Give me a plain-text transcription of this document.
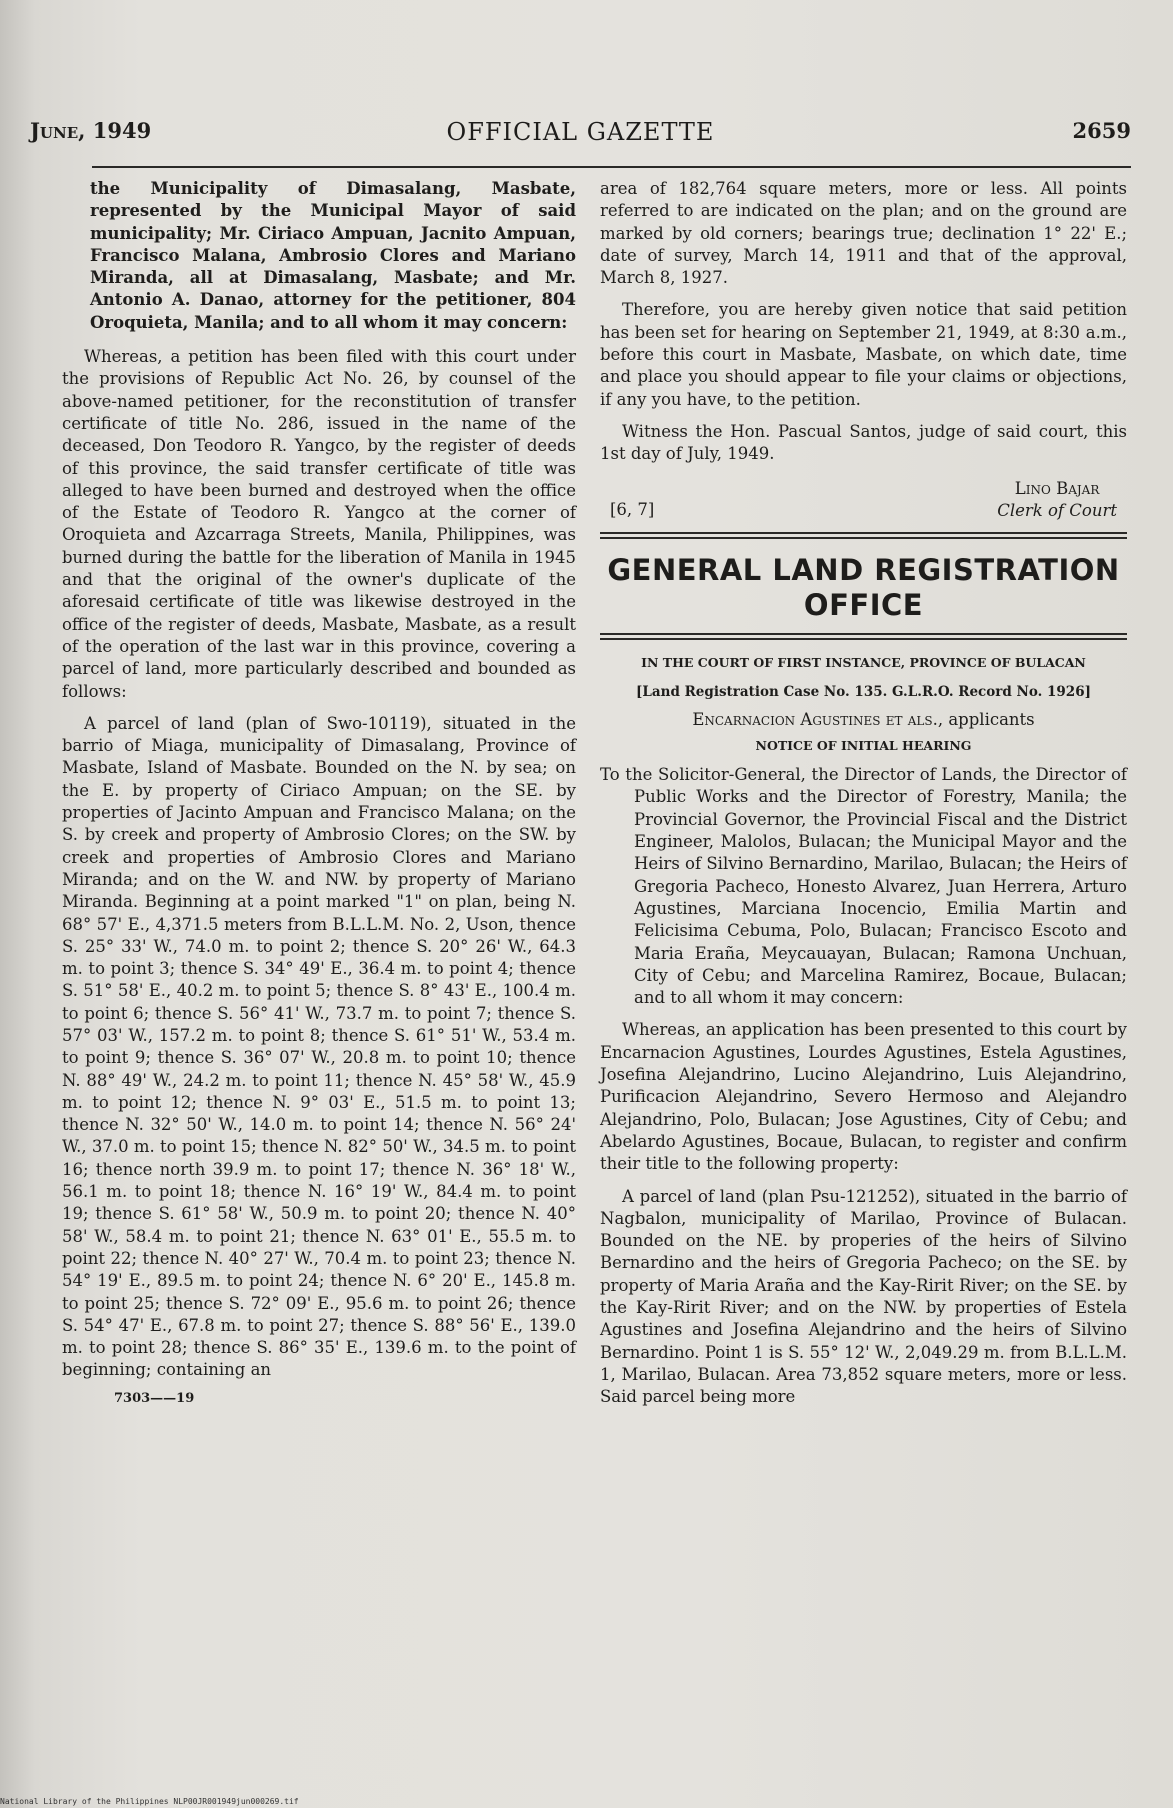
June, 1949	OFFICIAL GAZETTE	2659

the Municipality of Dimasalang, Masbate, represented by the Municipal Mayor of said municipality; Mr. Ciriaco Ampuan, Jacnito Ampuan, Francisco Malana, Ambrosio Clores and Mariano Miranda, all at Dimasalang, Masbate; and Mr. Antonio A. Danao, attorney for the petitioner, 804 Oroquieta, Manila; and to all whom it may concern:

Whereas, a petition has been filed with this court under the provisions of Republic Act No. 26, by counsel of the above-named petitioner, for the reconstitution of transfer certificate of title No. 286, issued in the name of the deceased, Don Teodoro R. Yangco, by the register of deeds of this province, the said transfer certificate of title was alleged to have been burned and destroyed when the office of the Estate of Teodoro R. Yangco at the corner of Oroquieta and Azcarraga Streets, Manila, Philippines, was burned during the battle for the liberation of Manila in 1945 and that the original of the owner's duplicate of the aforesaid certificate of title was likewise destroyed in the office of the register of deeds, Masbate, Masbate, as a result of the operation of the last war in this province, covering a parcel of land, more particularly described and bounded as follows:

A parcel of land (plan of Swo-10119), situated in the barrio of Miaga, municipality of Dimasalang, Province of Masbate, Island of Masbate. Bounded on the N. by sea; on the E. by property of Ciriaco Ampuan; on the SE. by properties of Jacinto Ampuan and Francisco Malana; on the S. by creek and property of Ambrosio Clores; on the SW. by creek and properties of Ambrosio Clores and Mariano Miranda; and on the W. and NW. by property of Mariano Miranda. Beginning at a point marked "1" on plan, being N. 68° 57' E., 4,371.5 meters from B.L.L.M. No. 2, Uson, thence S. 25° 33' W., 74.0 m. to point 2; thence S. 20° 26' W., 64.3 m. to point 3; thence S. 34° 49' E., 36.4 m. to point 4; thence S. 51° 58' E., 40.2 m. to point 5; thence S. 8° 43' E., 100.4 m. to point 6; thence S. 56° 41' W., 73.7 m. to point 7; thence S. 57° 03' W., 157.2 m. to point 8; thence S. 61° 51' W., 53.4 m. to point 9; thence S. 36° 07' W., 20.8 m. to point 10; thence N. 88° 49' W., 24.2 m. to point 11; thence N. 45° 58' W., 45.9 m. to point 12; thence N. 9° 03' E., 51.5 m. to point 13; thence N. 32° 50' W., 14.0 m. to point 14; thence N. 56° 24' W., 37.0 m. to point 15; thence N. 82° 50' W., 34.5 m. to point 16; thence north 39.9 m. to point 17; thence N. 36° 18' W., 56.1 m. to point 18; thence N. 16° 19' W., 84.4 m. to point 19; thence S. 61° 58' W., 50.9 m. to point 20; thence N. 40° 58' W., 58.4 m. to point 21; thence N. 63° 01' E., 55.5 m. to point 22; thence N. 40° 27' W., 70.4 m. to point 23; thence N. 54° 19' E., 89.5 m. to point 24; thence N. 6° 20' E., 145.8 m. to point 25; thence S. 72° 09' E., 95.6 m. to point 26; thence S. 54° 47' E., 67.8 m. to point 27; thence S. 88° 56' E., 139.0 m. to point 28; thence S. 86° 35' E., 139.6 m. to the point of beginning; containing an

7303——19

area of 182,764 square meters, more or less. All points referred to are indicated on the plan; and on the ground are marked by old corners; bearings true; declination 1° 22' E.; date of survey, March 14, 1911 and that of the approval, March 8, 1927.

Therefore, you are hereby given notice that said petition has been set for hearing on September 21, 1949, at 8:30 a.m., before this court in Masbate, Masbate, on which date, time and place you should appear to file your claims or objections, if any you have, to the petition.

Witness the Hon. Pascual Santos, judge of said court, this 1st day of July, 1949.

[6, 7]
Lino Bajar
Clerk of Court
GENERAL LAND REGISTRATION OFFICE
IN THE COURT OF FIRST INSTANCE, PROVINCE OF BULACAN
[Land Registration Case No. 135. G.L.R.O. Record No. 1926]
Encarnacion Agustines et als., applicants
NOTICE OF INITIAL HEARING

To the Solicitor-General, the Director of Lands, the Director of Public Works and the Director of Forestry, Manila; the Provincial Governor, the Provincial Fiscal and the District Engineer, Malolos, Bulacan; the Municipal Mayor and the Heirs of Silvino Bernardino, Marilao, Bulacan; the Heirs of Gregoria Pacheco, Honesto Alvarez, Juan Herrera, Arturo Agustines, Marciana Inocencio, Emilia Martin and Felicisima Cebuma, Polo, Bulacan; Francisco Escoto and Maria Eraña, Meycauayan, Bulacan; Ramona Unchuan, City of Cebu; and Marcelina Ramirez, Bocaue, Bulacan; and to all whom it may concern:

Whereas, an application has been presented to this court by Encarnacion Agustines, Lourdes Agustines, Estela Agustines, Josefina Alejandrino, Lucino Alejandrino, Luis Alejandrino, Purificacion Alejandrino, Severo Hermoso and Alejandro Alejandrino, Polo, Bulacan; Jose Agustines, City of Cebu; and Abelardo Agustines, Bocaue, Bulacan, to register and confirm their title to the following property:

A parcel of land (plan Psu-121252), situated in the barrio of Nagbalon, municipality of Marilao, Province of Bulacan. Bounded on the NE. by properies of the heirs of Silvino Bernardino and the heirs of Gregoria Pacheco; on the SE. by property of Maria Araña and the Kay-Ririt River; on the SE. by the Kay-Ririt River; and on the NW. by properties of Estela Agustines and Josefina Alejandrino and the heirs of Silvino Bernardino. Point 1 is S. 55° 12' W., 2,049.29 m. from B.L.L.M. 1, Marilao, Bulacan. Area 73,852 square meters, more or less. Said parcel being more

National Library of the Philippines NLP00JR001949jun000269.tif
